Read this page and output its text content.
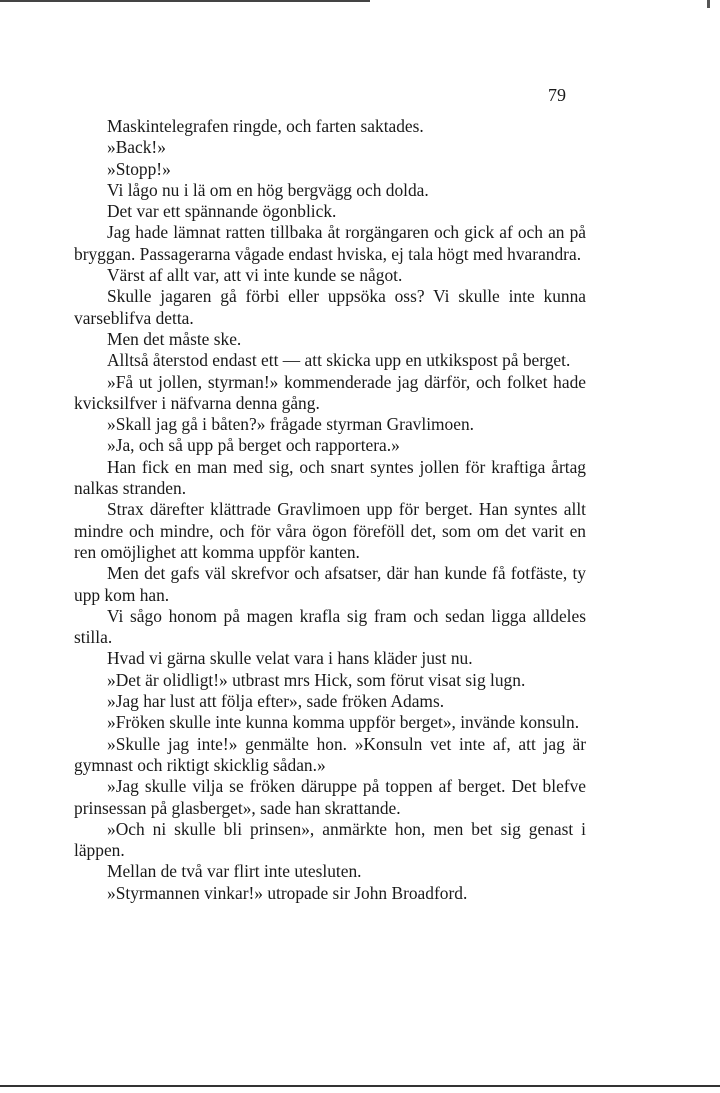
79

Maskintelegrafen ringde, och farten saktades.

»Back!»

»Stopp!»

Vi lågo nu i lä om en hög bergvägg och dolda.

Det var ett spännande ögonblick.

Jag hade lämnat ratten tillbaka åt rorgängaren och gick af och an på bryggan. Passagerarna vågade endast hviska, ej tala högt med hvarandra.

Värst af allt var, att vi inte kunde se något.

Skulle jagaren gå förbi eller uppsöka oss? Vi skulle inte kunna varseblifva detta.

Men det måste ske.

Alltså återstod endast ett — att skicka upp en utkikspost på berget.

»Få ut jollen, styrman!» kommenderade jag därför, och folket hade kvicksilfver i näfvarna denna gång.

»Skall jag gå i båten?» frågade styrman Gravlimoen.

»Ja, och så upp på berget och rapportera.»

Han fick en man med sig, och snart syntes jollen för kraftiga årtag nalkas stranden.

Strax därefter klättrade Gravlimoen upp för berget. Han syntes allt mindre och mindre, och för våra ögon föreföll det, som om det varit en ren omöjlighet att komma uppför kanten.

Men det gafs väl skrefvor och afsatser, där han kunde få fotfäste, ty upp kom han.

Vi sågo honom på magen krafla sig fram och sedan ligga alldeles stilla.

Hvad vi gärna skulle velat vara i hans kläder just nu.

»Det är olidligt!» utbrast mrs Hick, som förut visat sig lugn.

»Jag har lust att följa efter», sade fröken Adams.

»Fröken skulle inte kunna komma uppför berget», invände konsuln.

»Skulle jag inte!» genmälte hon. »Konsuln vet inte af, att jag är gymnast och riktigt skicklig sådan.»

»Jag skulle vilja se fröken däruppe på toppen af berget. Det blefve prinsessan på glasberget», sade han skrattande.

»Och ni skulle bli prinsen», anmärkte hon, men bet sig genast i läppen.

Mellan de två var flirt inte utesluten.

»Styrmannen vinkar!» utropade sir John Broadford.
